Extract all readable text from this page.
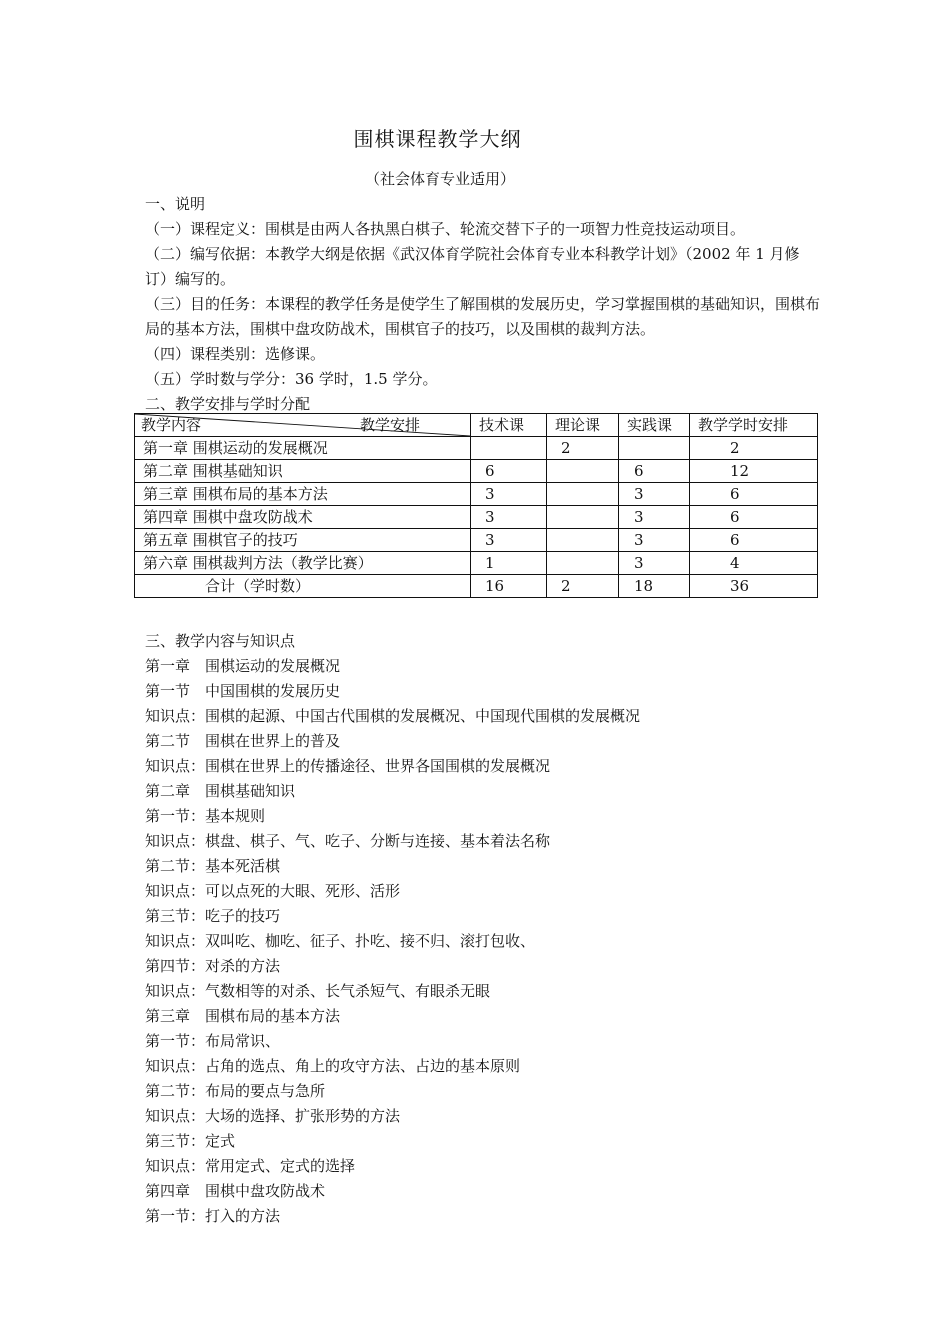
围棋课程教学大纲
（社会体育专业适用）
一、说明
（一）课程定义：围棋是由两人各执黑白棋子、轮流交替下子的一项智力性竞技运动项目。
（二）编写依据：本教学大纲是依据《武汉体育学院社会体育专业本科教学计划》（2002 年 1 月修订）编写的。
（三）目的任务：本课程的教学任务是使学生了解围棋的发展历史，学习掌握围棋的基础知识，围棋布局的基本方法，围棋中盘攻防战术，围棋官子的技巧，以及围棋的裁判方法。
（四）课程类别：选修课。
（五）学时数与学分：36 学时，1.5 学分。
二、教学安排与学时分配
教学内容 教学安排	技术课	理论课	实践课	教学学时安排
第一章 围棋运动的发展概况		2		2
第二章 围棋基础知识	6		6	12
第三章 围棋布局的基本方法	3		3	6
第四章 围棋中盘攻防战术	3		3	6
第五章 围棋官子的技巧	3		3	6
第六章 围棋裁判方法（教学比赛）	1		3	4
合计（学时数）	16	2	18	36
三、教学内容与知识点
第一章　围棋运动的发展概况
第一节　中国围棋的发展历史
知识点：围棋的起源、中国古代围棋的发展概况、中国现代围棋的发展概况
第二节　围棋在世界上的普及
知识点：围棋在世界上的传播途径、世界各国围棋的发展概况
第二章　围棋基础知识
第一节：基本规则
知识点：棋盘、棋子、气、吃子、分断与连接、基本着法名称
第二节：基本死活棋
知识点：可以点死的大眼、死形、活形
第三节：吃子的技巧
知识点：双叫吃、枷吃、征子、扑吃、接不归、滚打包收、
第四节：对杀的方法
知识点：气数相等的对杀、长气杀短气、有眼杀无眼
第三章　围棋布局的基本方法
第一节：布局常识、
知识点：占角的选点、角上的攻守方法、占边的基本原则
第二节：布局的要点与急所
知识点：大场的选择、扩张形势的方法
第三节：定式
知识点：常用定式、定式的选择
第四章　围棋中盘攻防战术
第一节：打入的方法
